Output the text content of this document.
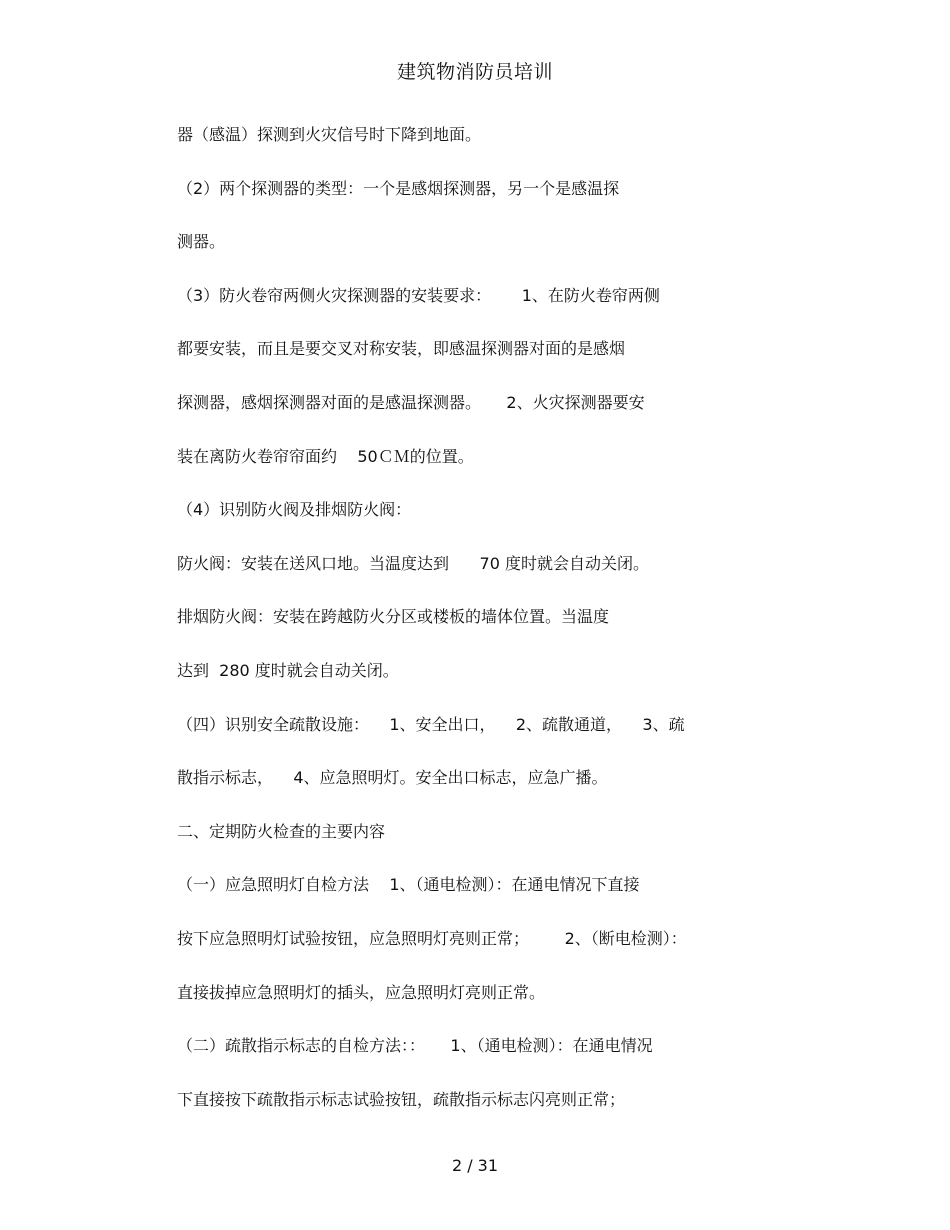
建筑物消防员培训
器（感温）探测到火灾信号时下降到地面。
（2）两个探测器的类型：一个是感烟探测器，另一个是感温探
测器。
（3）防火卷帘两侧火灾探测器的安装要求：      1、在防火卷帘两侧
都要安装，而且是要交叉对称安装，即感温探测器对面的是感烟
探测器，感烟探测器对面的是感温探测器。     2、火灾探测器要安
装在离防火卷帘帘面约    50ＣＭ的位置。
（4）识别防火阀及排烟防火阀：
防火阀：安装在送风口地。当温度达到      70 度时就会自动关闭。
排烟防火阀：安装在跨越防火分区或楼板的墙体位置。当温度
达到  280 度时就会自动关闭。
（四）识别安全疏散设施：    1、安全出口，    2、疏散通道，    3、疏
散指示标志，    4、应急照明灯。安全出口标志，应急广播。
二、定期防火检查的主要内容
（一）应急照明灯自检方法    1、（通电检测）：在通电情况下直接
按下应急照明灯试验按钮，应急照明灯亮则正常；       2、（断电检测）：
直接拔掉应急照明灯的插头，应急照明灯亮则正常。
（二）疏散指示标志的自检方法：：     1、（通电检测）：在通电情况
下直接按下疏散指示标志试验按钮，疏散指示标志闪亮则正常；
2 / 31
